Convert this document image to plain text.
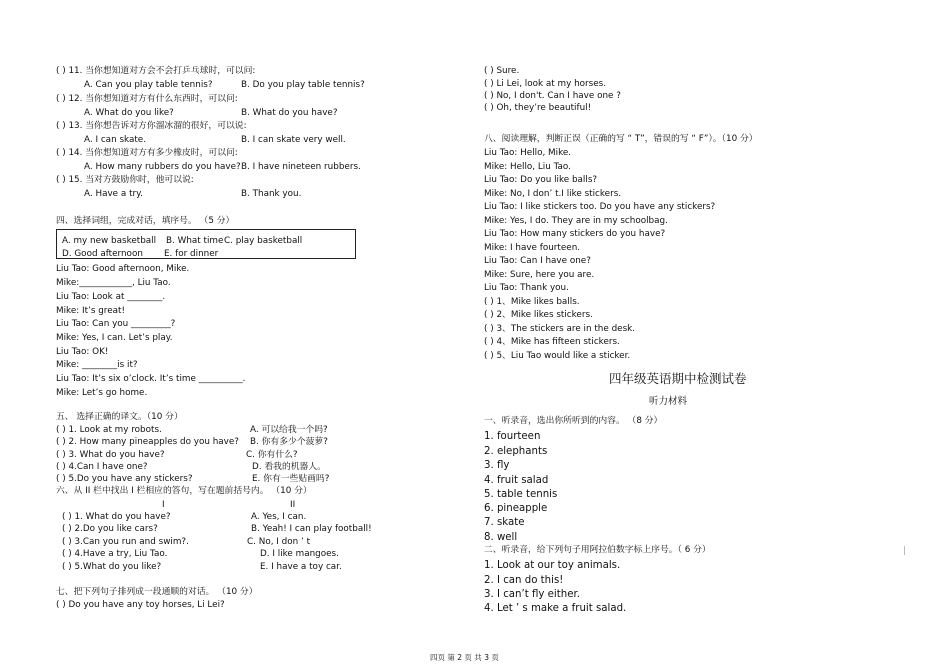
( ) 11. 当你想知道对方会不会打乒乓球时，可以问:
A. Can you play table tennis?	B. Do you play table tennis?
( ) 12. 当你想知道对方有什么东西时，可以问:
A. What do you like?	B. What do you have?
( ) 13. 当你想告诉对方你溜冰溜的很好，可以说:
A. I can skate.	B. I can skate very well.
( ) 14. 当你想知道对方有多少橡皮时，可以问:
A. How many rubbers do you have? B. I have nineteen rubbers.
( ) 15. 当对方鼓励你时，他可以说:
A. Have a try.	B. Thank you.
四、选择词组，完成对话，填序号。 （5 分）
A. my new basketball B. What time C. play basketball
D. Good afternoon E. for dinner
Liu Tao: Good afternoon, Mike.
Mike:____________, Liu Tao.
Liu Tao: Look at ________.
Mike: It’s great!
Liu Tao: Can you _________?
Mike: Yes, I can. Let’s play.
Liu Tao: OK!
Mike: ________is it?
Liu Tao: It’s six o’clock. It’s time __________.
Mike: Let’s go home.
五、 选择正确的译文。（10 分）
( ) 1. Look at my robots.	A. 可以给我一个吗?
( ) 2. How many pineapples do you have? B. 你有多少个菠萝?
( ) 3. What do you have?	C. 你有什么?
( ) 4.Can I have one?	D. 看我的机器人。
( ) 5.Do you have any stickers?	E. 你有一些贴画吗?
六、从 II 栏中找出 I 栏相应的答句，写在题前括号内。 （10 分）
I	II
( ) 1. What do you have?	A. Yes, I can.
( ) 2.Do you like cars?	B. Yeah! I can play football!
( ) 3.Can you run and swim?.	C. No, I don ’ t
( ) 4.Have a try, Liu Tao.	D. I like mangoes.
( ) 5.What do you like?	E. I have a toy car.
七、把下列句子排列成一段通顺的对话。 （10 分）
( ) Do you have any toy horses, Li Lei?
( ) Sure.
( ) Li Lei, look at my horses.
( ) No, I don't. Can I have one ?
( ) Oh, they’re beautiful!
八、阅读理解，判断正误（正确的写 “ T”，错误的写 “ F”）。（10 分）
Liu Tao: Hello, Mike.
Mike: Hello, Liu Tao.
Liu Tao: Do you like balls?
Mike: No, I don’ t.I like stickers.
Liu Tao: I like stickers too. Do you have any stickers?
Mike: Yes, I do. They are in my schoolbag.
Liu Tao: How many stickers do you have?
Mike: I have fourteen.
Liu Tao: Can I have one?
Mike: Sure, here you are.
Liu Tao: Thank you.
( ) 1、Mike likes balls.
( ) 2、Mike likes stickers.
( ) 3、The stickers are in the desk.
( ) 4、Mike has fifteen stickers.
( ) 5、Liu Tao would like a sticker.
四年级英语期中检测试卷
听力材料
一、听录音，选出你所听到的内容。 （8 分）
1. fourteen
2. elephants
3. fly
4. fruit salad
5. table tennis
6. pineapple
7. skate
8. well
二、听录音，给下列句子用阿拉伯数字标上序号。（ 6 分）
1. Look at our toy animals.
2. I can do this!
3. I can’t fly either.
4. Let ’ s make a fruit salad.
四页 第 2 页 共 3 页
